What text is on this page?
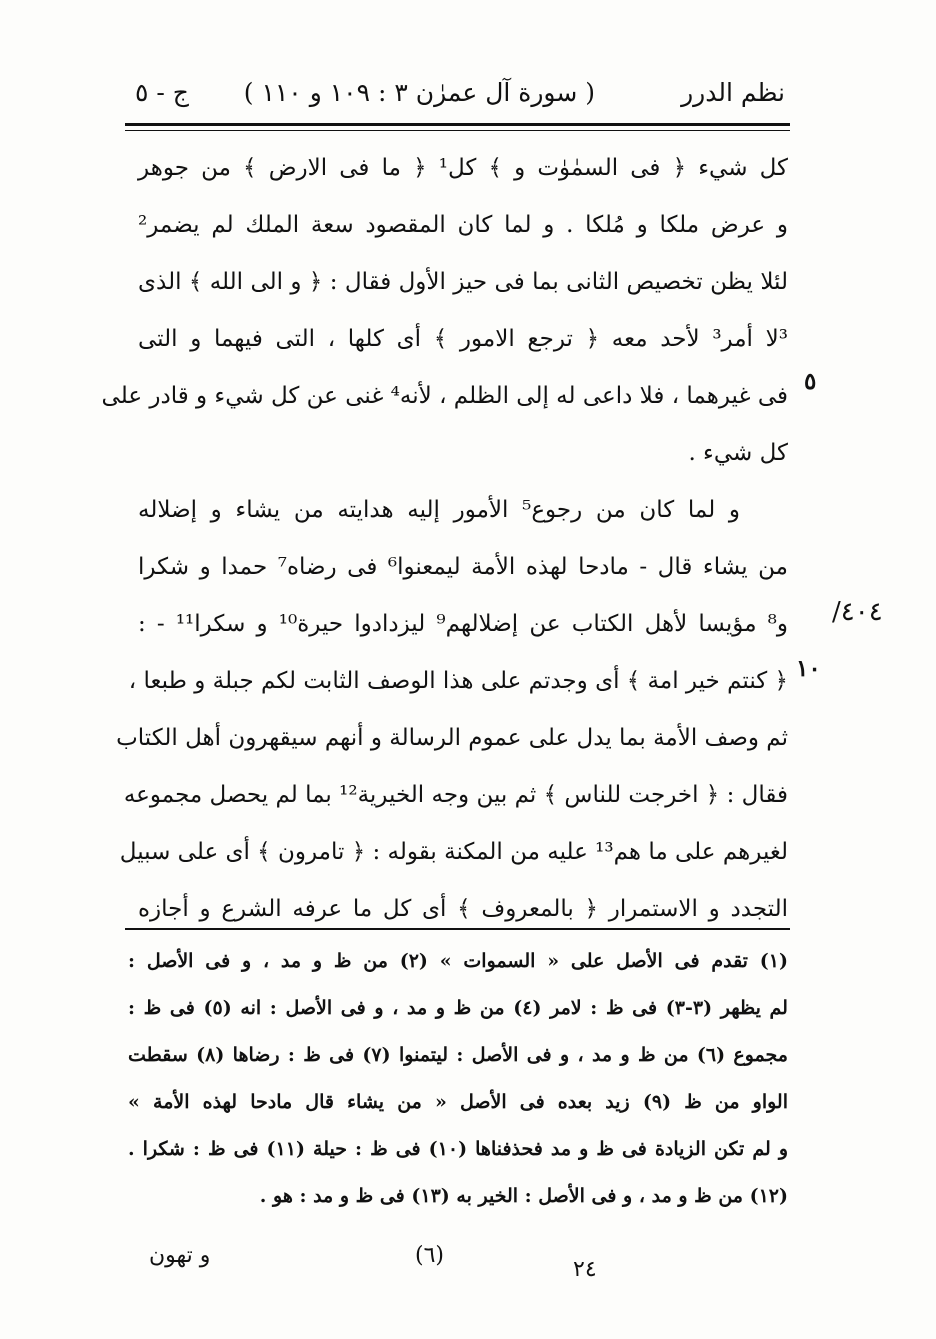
نظم الدرر
( سورة آل عمرٰن ٣ : ١٠٩ و ١١٠ )
ج - ٥
كل شيء ﴿ فى السمٰوٰت و ﴾ كل¹ ﴿ ما فى الارض ﴾ من جوهر
و عرض ملكا و مُلكا . و لما كان المقصود سعة الملك لم يضمر²
لئلا يظن تخصيص الثانى بما فى حيز الأول فقال : ﴿ و الى الله ﴾ الذى
³لا أمر³ لأحد معه ﴿ ترجع الامور ﴾ أى كلها ، التى فيهما و التى
فى غيرهما ، فلا داعى له إلى الظلم ، لأنه⁴ غنى عن كل شيء و قادر على
كل شيء .
و لما كان من رجوع⁵ الأمور إليه هدايته من يشاء و إضلاله
من يشاء قال - مادحا لهذه الأمة ليمعنوا⁶ فى رضاه⁷ حمدا و شكرا
و⁸ مؤيسا لأهل الكتاب عن إضلالهم⁹ ليزدادوا حيرة¹⁰ و سكرا¹¹ - :
﴿ كنتم خير امة ﴾ أى وجدتم على هذا الوصف الثابت لكم جبلة و طبعا ،
ثم وصف الأمة بما يدل على عموم الرسالة و أنهم سيقهرون أهل الكتاب
فقال : ﴿ اخرجت للناس ﴾ ثم بين وجه الخيرية¹² بما لم يحصل مجموعه
لغيرهم على ما هم¹³ عليه من المكنة بقوله : ﴿ تامرون ﴾ أى على سبيل
التجدد و الاستمرار ﴿ بالمعروف ﴾ أى كل ما عرفه الشرع و أجازه
٥
١٠
٤٠٤/
(١) تقدم فى الأصل على « السموات » (٢) من ظ و مد ، و فى الأصل :
لم يظهر (٣-٣) فى ظ : لامر (٤) من ظ و مد ، و فى الأصل : انه (٥) فى ظ :
مجموع (٦) من ظ و مد ، و فى الأصل : ليتمنوا (٧) فى ظ : رضاها (٨) سقطت
الواو من ظ (٩) زيد بعده فى الأصل « من يشاء قال مادحا لهذه الأمة »
و لم تكن الزيادة فى ظ و مد فحذفناها (١٠) فى ظ : حيلة (١١) فى ظ : شكرا .
(١٢) من ظ و مد ، و فى الأصل : الخير به (١٣) فى ظ و مد : هو .
٢٤
(٦)
و تهون
